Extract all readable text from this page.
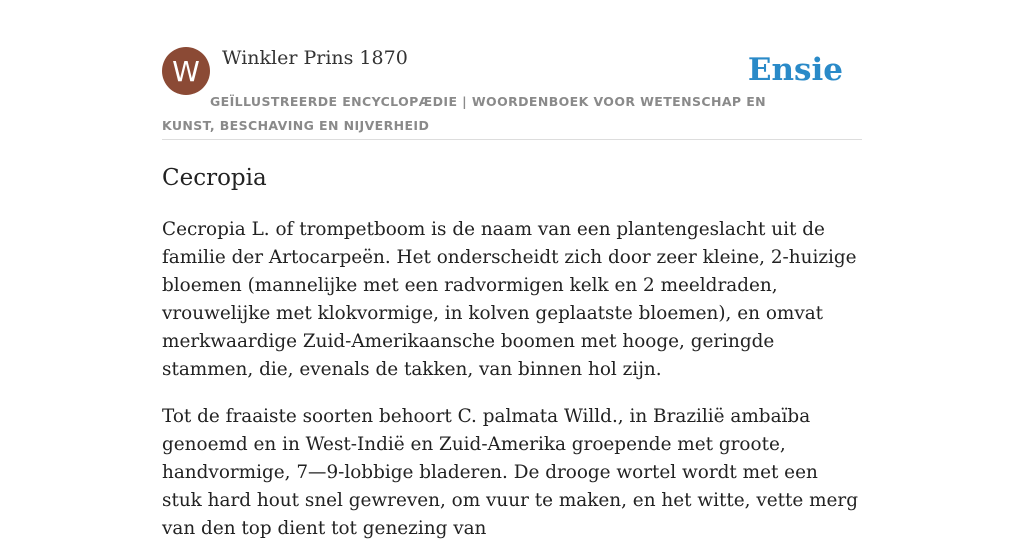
W	Winkler Prins 1870	Ensie
GEÏLLUSTREERDE ENCYCLOPÆDIE | WOORDENBOEK VOOR WETENSCHAP EN KUNST, BESCHAVING EN NIJVERHEID
Cecropia

Cecropia L. of trompetboom is de naam van een plantengeslacht uit de familie der Artocarpeën. Het onderscheidt zich door zeer kleine, 2-huizige bloemen (mannelijke met een radvormigen kelk en 2 meeldraden, vrouwelijke met klokvormige, in kolven geplaatste bloemen), en omvat merkwaardige Zuid-Amerikaansche boomen met hooge, geringde stammen, die, evenals de takken, van binnen hol zijn.

Tot de fraaiste soorten behoort C. palmata Willd., in Brazilië ambaïba genoemd en in West-Indië en Zuid-Amerika groepende met groote, handvormige, 7—9-lobbige bladeren. De drooge wortel wordt met een stuk hard hout snel gewreven, om vuur te maken, en het witte, vette merg van den top dient tot genezing van
